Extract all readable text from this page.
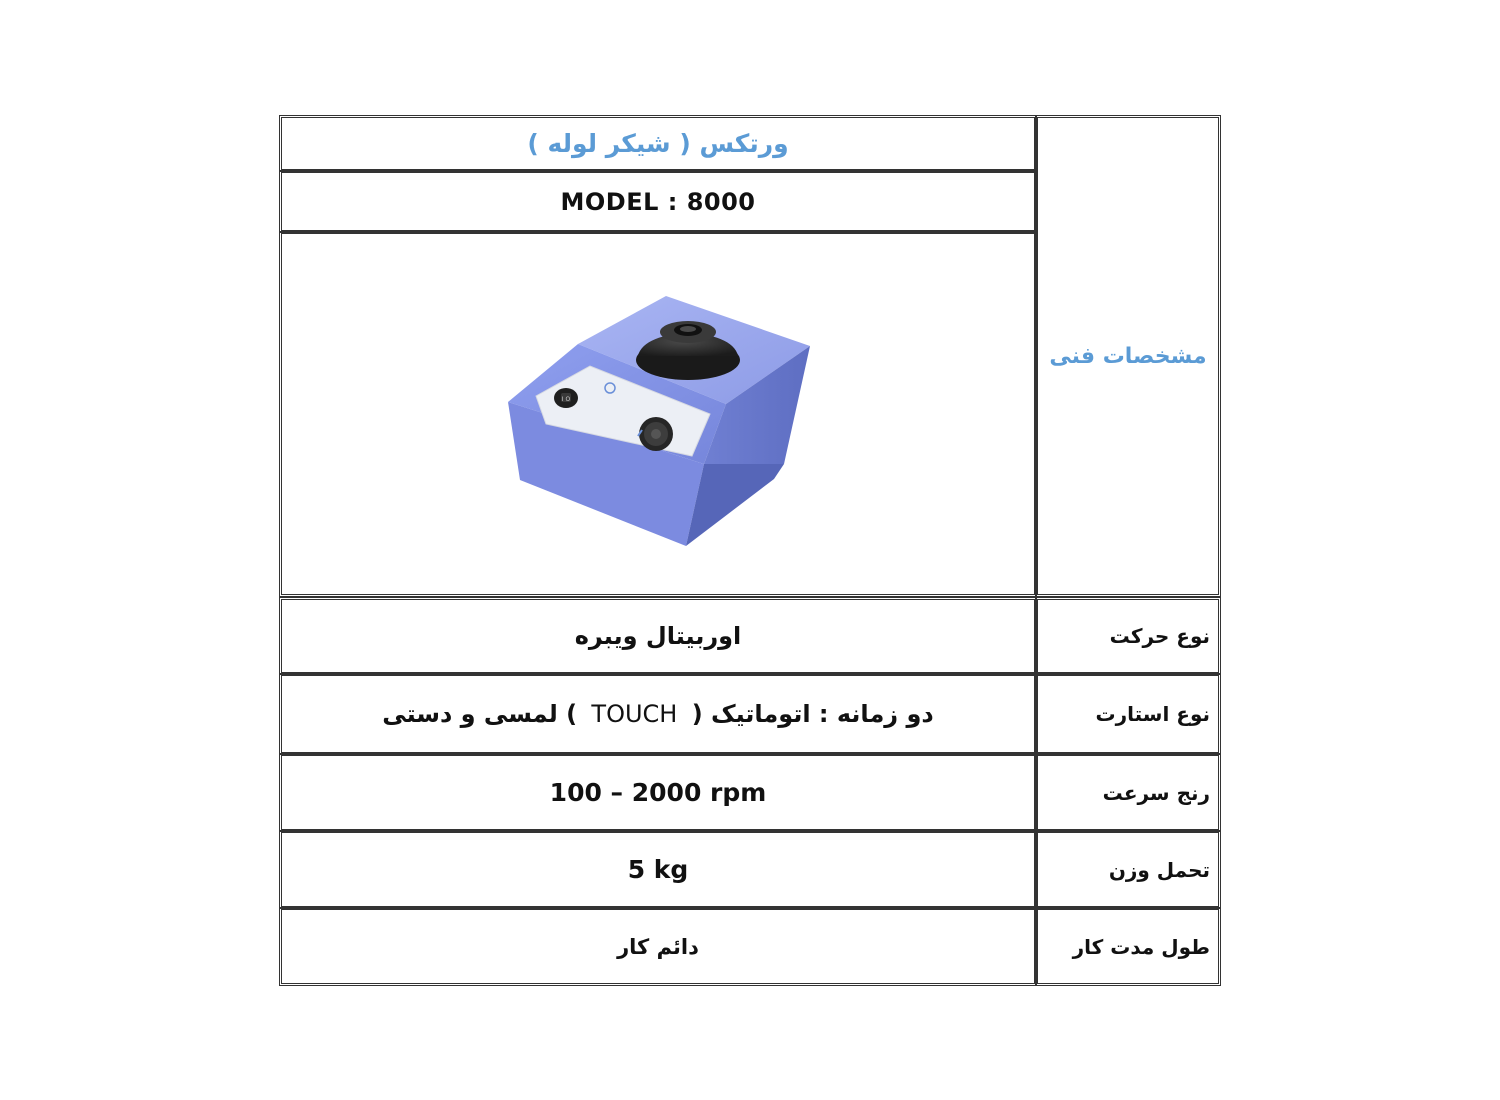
ورتکس ( شیکر لوله )
MODEL : 8000
I O
مشخصات فنی
اوربیتال ویبره	نوع حرکت
دو زمانه : اتوماتیک ( TOUCH ) لمسی و دستی	نوع استارت
100 – 2000 rpm	رنج سرعت
5 kg	تحمل وزن
دائم کار	طول مدت کار
